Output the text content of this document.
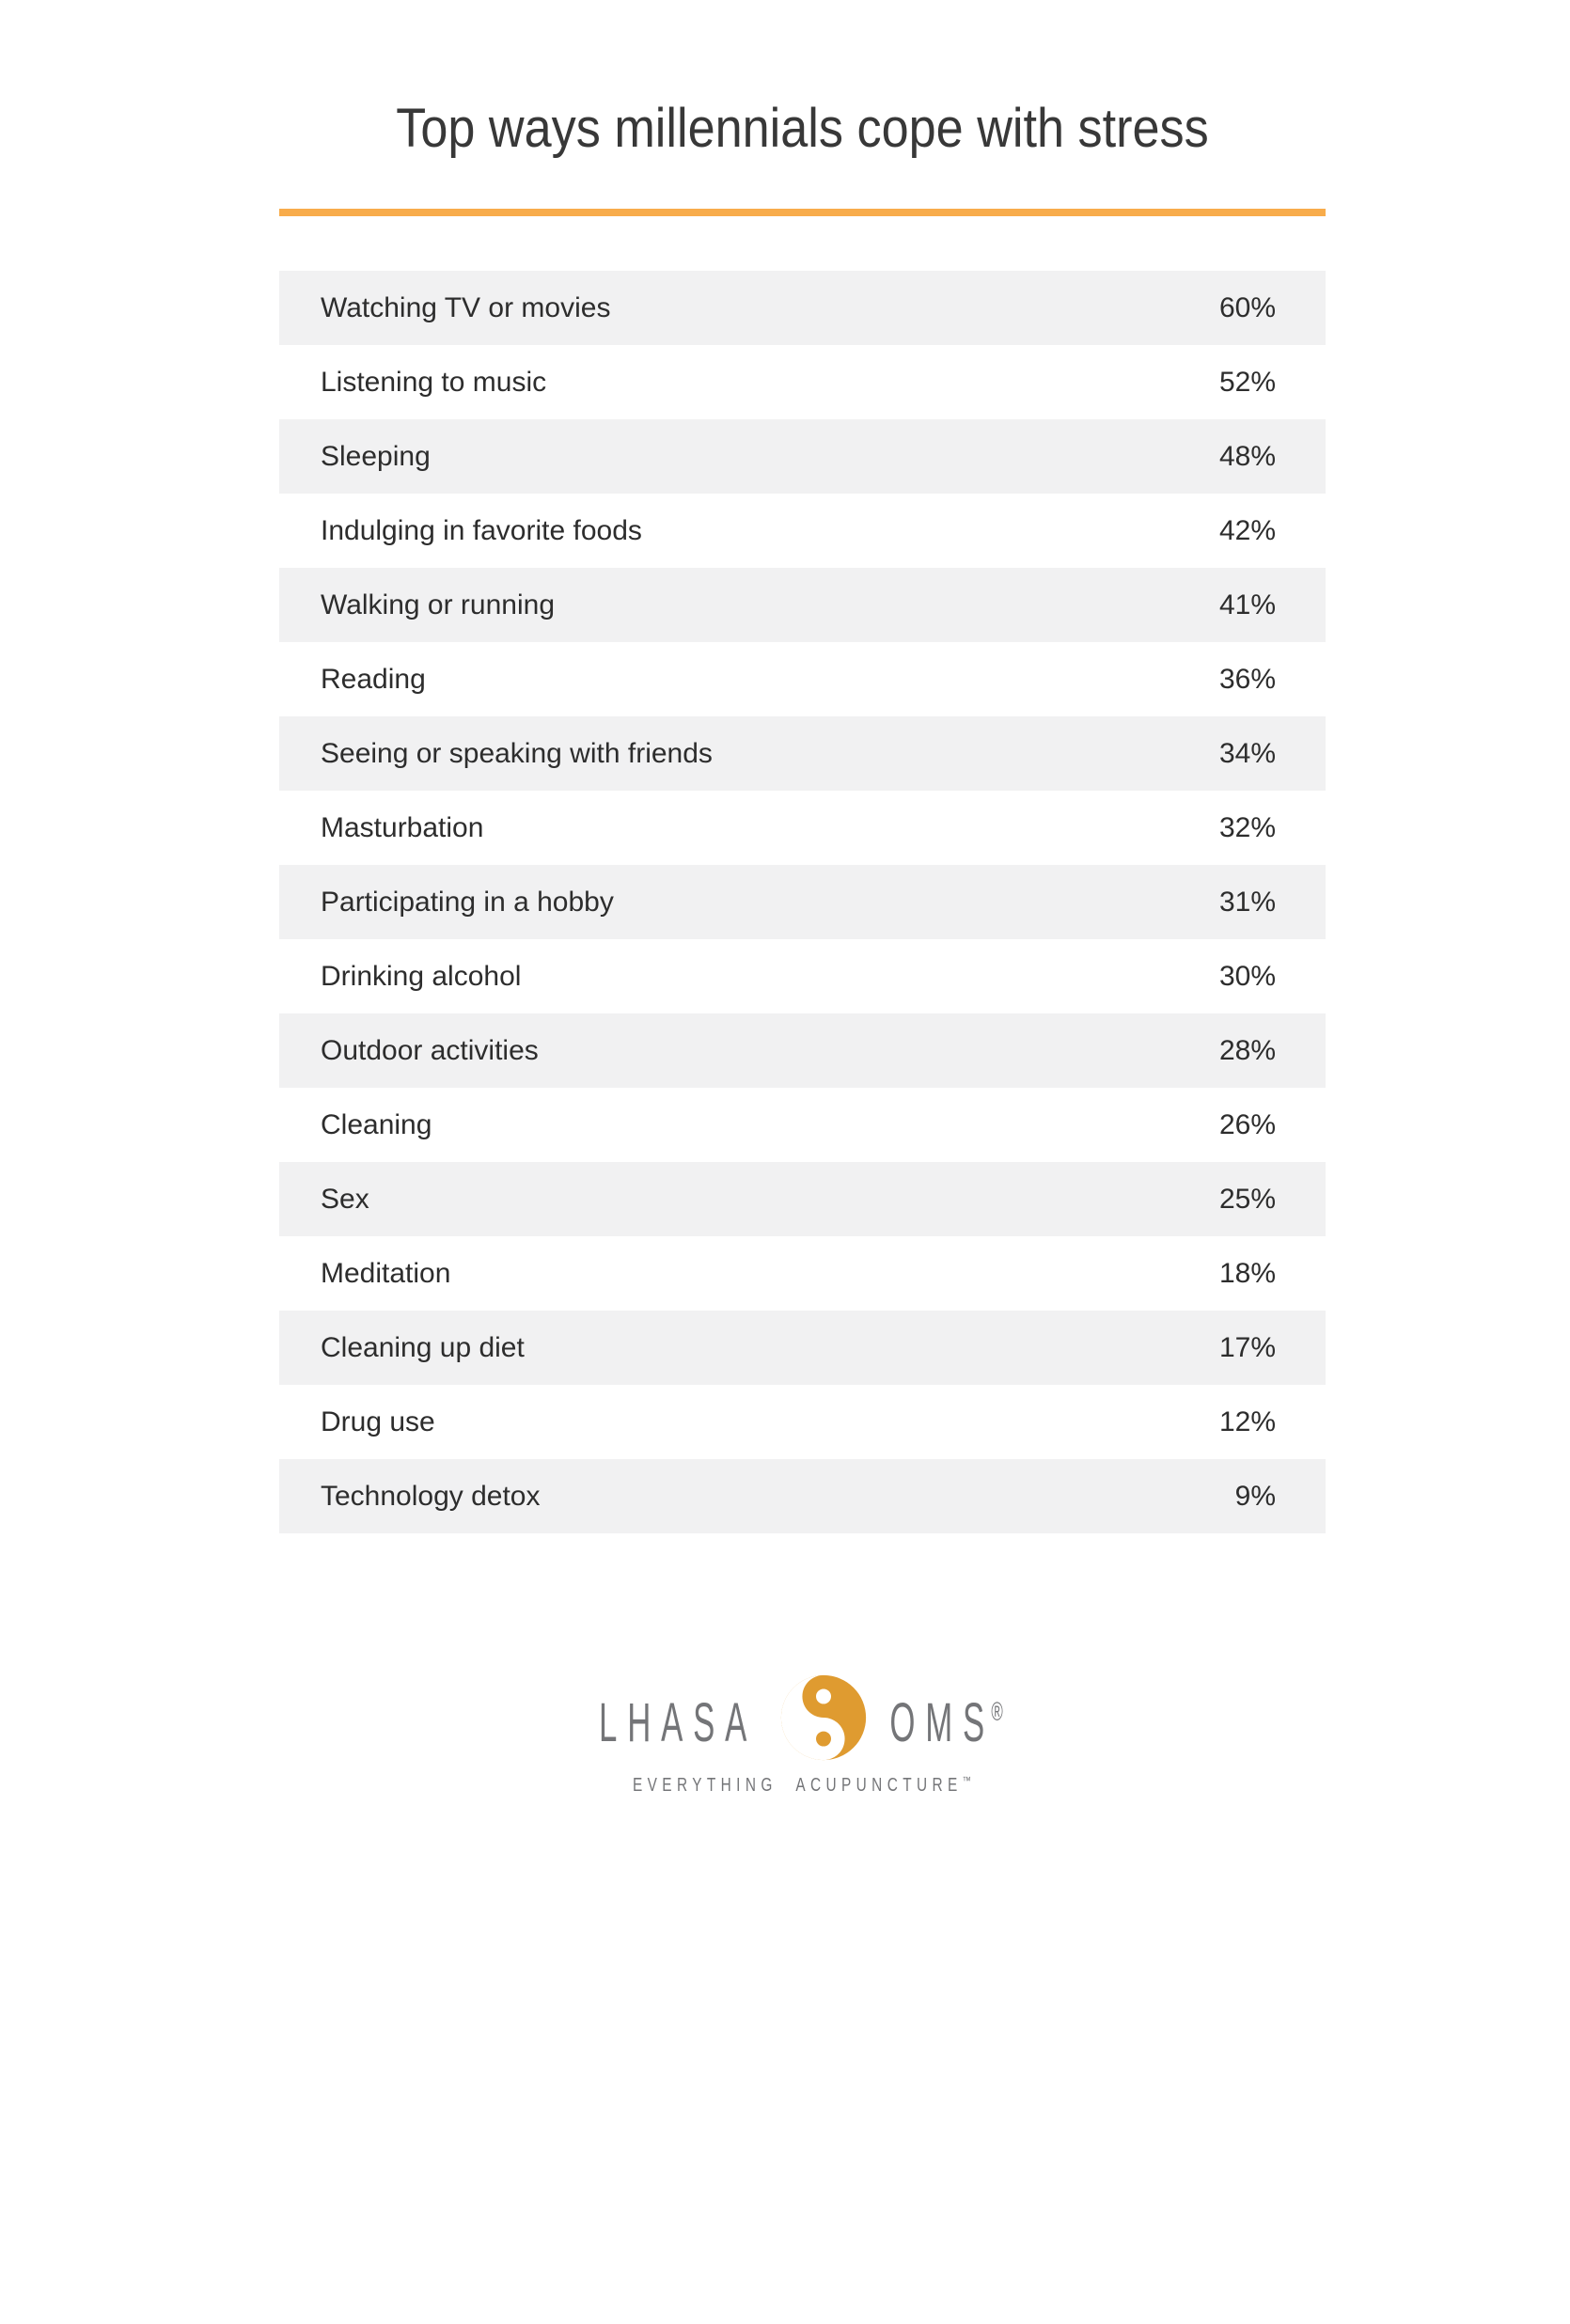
Top ways millennials cope with stress
Watching TV or movies	60%
Listening to music	52%
Sleeping	48%
Indulging in favorite foods	42%
Walking or running	41%
Reading	36%
Seeing or speaking with friends	34%
Masturbation	32%
Participating in a hobby	31%
Drinking alcohol	30%
Outdoor activities	28%
Cleaning	26%
Sex	25%
Meditation	18%
Cleaning up diet	17%
Drug use	12%
Technology detox	9%
LHASA OMS®
EVERYTHING ACUPUNCTURE™
